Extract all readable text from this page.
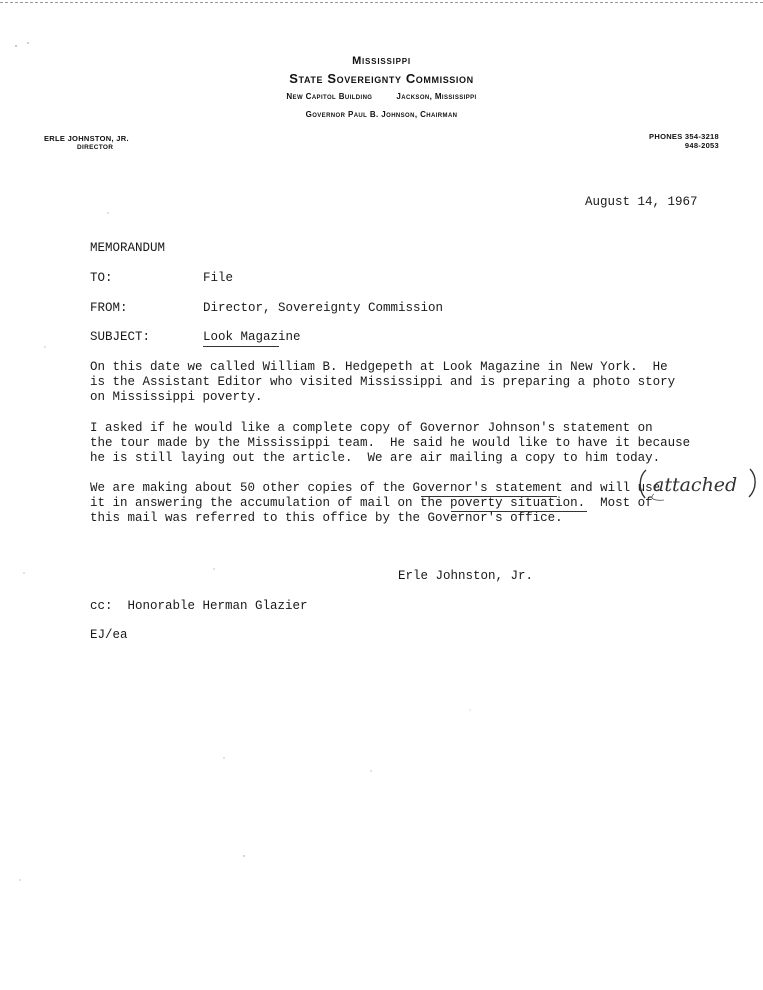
Mississippi
State Sovereignty Commission
New Capitol Building	Jackson, Mississippi
Governor Paul B. Johnson, Chairman
ERLE JOHNSTON, JR.
DIRECTOR
PHONES 354-3218
948-2053
August 14, 1967
MEMORANDUM
TO:	File
FROM:	Director, Sovereignty Commission
SUBJECT:	Look Magazine
On this date we called William B. Hedgepeth at Look Magazine in New York.  He
is the Assistant Editor who visited Mississippi and is preparing a photo story
on Mississippi poverty.
I asked if he would like a complete copy of Governor Johnson's statement on
the tour made by the Mississippi team.  He said he would like to have it because
he is still laying out the article.  We are air mailing a copy to him today.
We are making about 50 other copies of the Governor's statement and will use
it in answering the accumulation of mail on the poverty situation.  Most of
this mail was referred to this office by the Governor's office.
attached
Erle Johnston, Jr.
cc:  Honorable Herman Glazier
EJ/ea
